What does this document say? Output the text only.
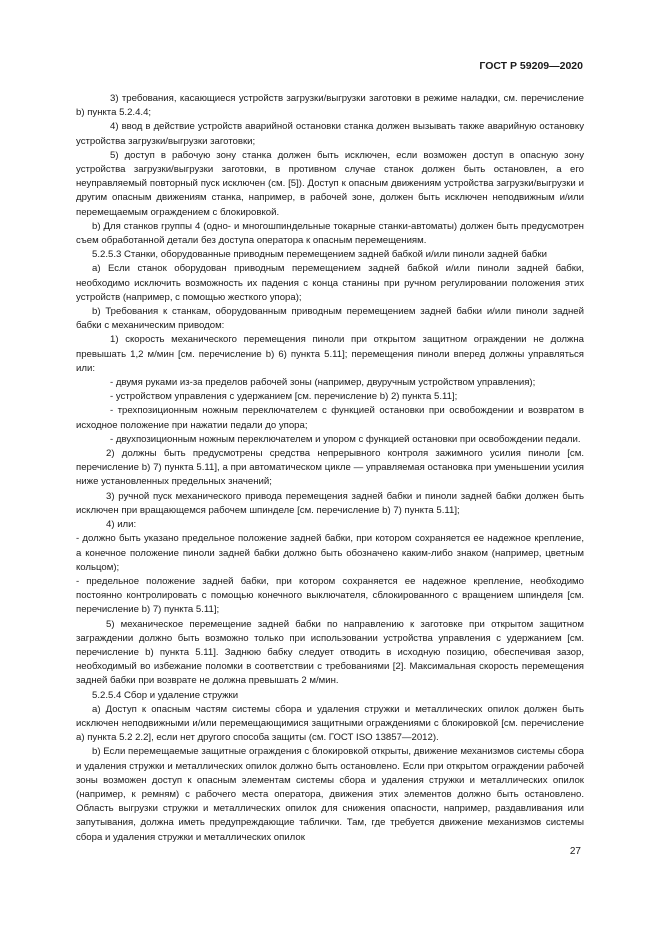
ГОСТ Р 59209—2020

3) требования, касающиеся устройств загрузки/выгрузки заготовки в режиме наладки, см. перечисление b) пункта 5.2.4.4;

4) ввод в действие устройств аварийной остановки станка должен вызывать также аварийную остановку устройства загрузки/выгрузки заготовки;

5) доступ в рабочую зону станка должен быть исключен, если возможен доступ в опасную зону устройства загрузки/выгрузки заготовки, в противном случае станок должен быть остановлен, а его неуправляемый повторный пуск исключен (см. [5]). Доступ к опасным движениям устройства загрузки/выгрузки и другим опасным движениям станка, например, в рабочей зоне, должен быть исключен неподвижным и/или перемещаемым ограждением с блокировкой.

b) Для станков группы 4 (одно- и многошпиндельные токарные станки-автоматы) должен быть предусмотрен съем обработанной детали без доступа оператора к опасным перемещениям.

5.2.5.3 Станки, оборудованные приводным перемещением задней бабкой и/или пиноли задней бабки

a) Если станок оборудован приводным перемещением задней бабкой и/или пиноли задней бабки, необходимо исключить возможность их падения с конца станины при ручном регулировании положения этих устройств (например, с помощью жесткого упора);

b) Требования к станкам, оборудованным приводным перемещением задней бабки и/или пиноли задней бабки с механическим приводом:

1) скорость механического перемещения пиноли при открытом защитном ограждении не должна превышать 1,2 м/мин [см. перечисление b) 6) пункта 5.11]; перемещения пиноли вперед должны управляться или:

- двумя руками из-за пределов рабочей зоны (например, двуручным устройством управления);

- устройством управления с удержанием [см. перечисление b) 2) пункта 5.11];

- трехпозиционным ножным переключателем с функцией остановки при освобождении и возвратом в исходное положение при нажатии педали до упора;

- двухпозиционным ножным переключателем и упором с функцией остановки при освобождении педали.

2) должны быть предусмотрены средства непрерывного контроля зажимного усилия пиноли [см. перечисление b) 7) пункта 5.11], а при автоматическом цикле — управляемая остановка при уменьшении усилия ниже установленных предельных значений;

3) ручной пуск механического привода перемещения задней бабки и пиноли задней бабки должен быть исключен при вращающемся рабочем шпинделе [см. перечисление b) 7) пункта 5.11];

4) или:

- должно быть указано предельное положение задней бабки, при котором сохраняется ее надежное крепление, а конечное положение пиноли задней бабки должно быть обозначено каким-либо знаком (например, цветным кольцом);

- предельное положение задней бабки, при котором сохраняется ее надежное крепление, необходимо постоянно контролировать с помощью конечного выключателя, сблокированного с вращением шпинделя [см. перечисление b) 7) пункта 5.11];

5) механическое перемещение задней бабки по направлению к заготовке при открытом защитном заграждении должно быть возможно только при использовании устройства управления с удержанием [см. перечисление b) пункта 5.11]. Заднюю бабку следует отводить в исходную позицию, обеспечивая зазор, необходимый во избежание поломки в соответствии с требованиями [2]. Максимальная скорость перемещения задней бабки при возврате не должна превышать 2 м/мин.

5.2.5.4 Сбор и удаление стружки

a) Доступ к опасным частям системы сбора и удаления стружки и металлических опилок должен быть исключен неподвижными и/или перемещающимися защитными ограждениями с блокировкой [см. перечисление a) пункта 5.2 2.2], если нет другого способа защиты (см. ГОСТ ISO 13857—2012).

b) Если перемещаемые защитные ограждения с блокировкой открыты, движение механизмов системы сбора и удаления стружки и металлических опилок должно быть остановлено. Если при открытом ограждении рабочей зоны возможен доступ к опасным элементам системы сбора и удаления стружки и металлических опилок (например, к ремням) с рабочего места оператора, движения этих элементов должно быть остановлено. Область выгрузки стружки и металлических опилок для снижения опасности, например, раздавливания или запутывания, должна иметь предупреждающие таблички. Там, где требуется движение механизмов системы сбора и удаления стружки и металлических опилок

27
